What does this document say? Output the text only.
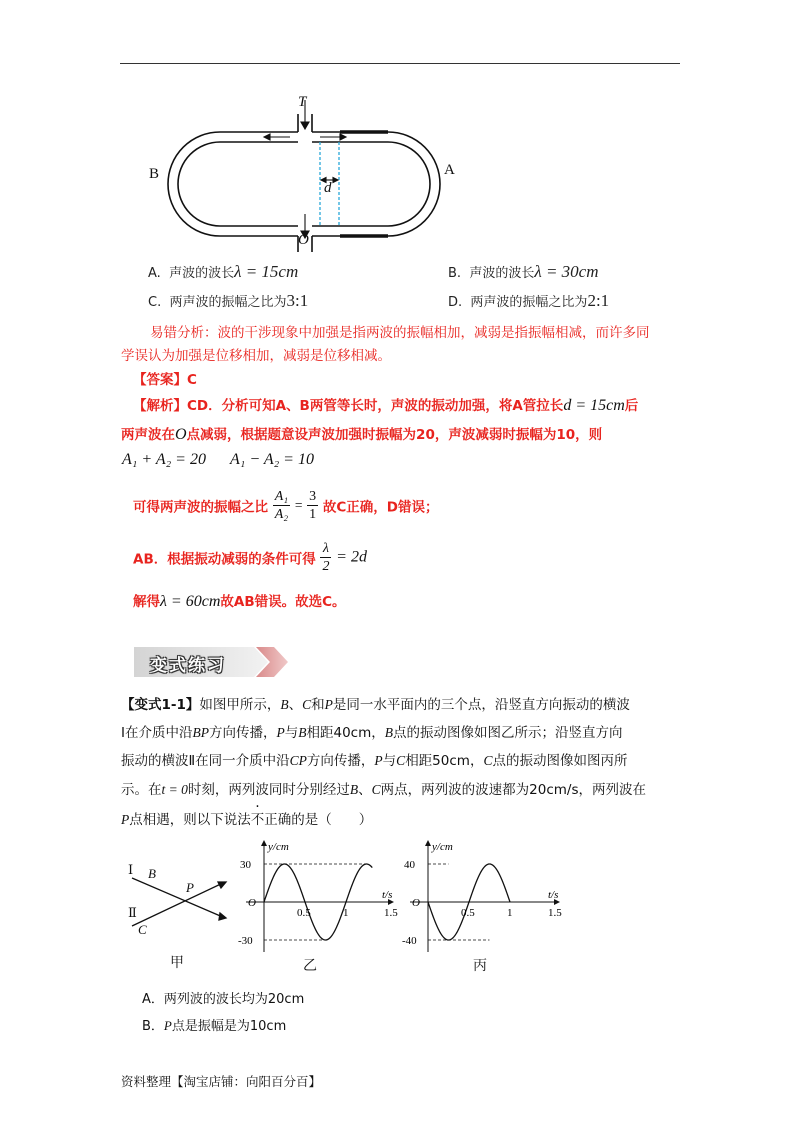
T
O
A
B
d
A. 声波的波长λ = 15cm	B. 声波的波长λ = 30cm
C. 两声波的振幅之比为3:1	D. 两声波的振幅之比为2:1
易错分析：波的干涉现象中加强是指两波的振幅相加，减弱是指振幅相减，而许多同
学误认为加强是位移相加，减弱是位移相减。
【答案】C
【解析】CD．分析可知A、B两管等长时，声波的振动加强，将A管拉长d = 15cm后
两声波在O点减弱，根据题意设声波加强时振幅为20，声波减弱时振幅为10，则
A₁ + A₂ = 20 A₁ − A₂ = 10
可得两声波的振幅之比 $\frac{\text{A₁}}{\text{A₂}} = \frac{3}{1}$ 故C正确，D错误；
AB．根据振动减弱的条件可得 $\frac{\lambda}{2} = 2d$
解得λ = 60cm故AB错误。故选C。
变式练习
【变式1-1】如图甲所示，B、C和P是同一水平面内的三个点，沿竖直方向振动的横波
Ⅰ在介质中沿BP方向传播，P与B相距40cm，B点的振动图像如图乙所示；沿竖直方向
振动的横波Ⅱ在同一介质中沿CP方向传播，P与C相距50cm，C点的振动图像如图丙所
示。在t = 0时刻，两列波同时分别经过B、C两点，两列波的波速都为20cm/s，两列波在
P点相遇，则以下说法不正确的是（　　）
Ⅰ B
P
Ⅱ
C
甲
0.5	1	1.5
30
-30
O
y/cm
t/s
乙
0.5	1	1.5
40
-40
O
y/cm
t/s
丙
A．两列波的波长均为20cm
B．P点是振幅是为10cm
资料整理【淘宝店铺：向阳百分百】
